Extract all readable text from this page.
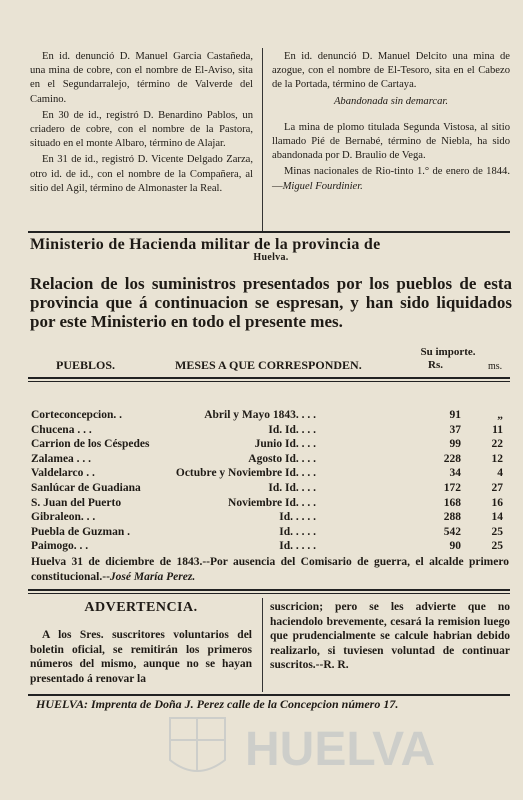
En id. denunció D. Manuel Garcia Castañeda, una mina de cobre, con el nombre de El-Aviso, sita en el Segundarralejo, término de Valverde del Camino.

En 30 de id., registró D. Benardino Pablos, un criadero de cobre, con el nombre de la Pastora, situado en el monte Albaro, término de Alajar.

En 31 de id., registró D. Vicente Delgado Zarza, otro id. de id., con el nombre de la Compañera, al sitio del Agil, término de Almonaster la Real.

En id. denunció D. Manuel Delcito una mina de azogue, con el nombre de El-Tesoro, sita en el Cabezo de la Portada, término de Cartaya.

Abandonada sin demarcar.

La mina de plomo titulada Segunda Vistosa, al sitio llamado Pié de Bernabé, término de Niebla, ha sido abandonada por D. Braulio de Vega.

Minas nacionales de Rio-tinto 1.° de enero de 1844.—Miguel Fourdinier.

Ministerio de Hacienda militar de la provincia de
Huelva.
Relacion de los suministros presentados por los pueblos de esta provincia que á continuacion se espresan, y han sido liquidados por este Ministerio en todo el presente mes.
PUEBLOS.	MESES A QUE CORRESPONDEN.
Su importe.
Rs.	ms.
Corteconcepcion. .	Abril y Mayo 1843. . . .	91	„
Chucena . . .	Id. Id. . . .	37	11
Carrion de los Céspedes	Junio Id. . . .	99	22
Zalamea . . .	Agosto Id. . . .	228	12
Valdelarco . .	Octubre y Noviembre Id. . . .	34	4
Sanlúcar de Guadiana	Id. Id. . . .	172	27
S. Juan del Puerto	Noviembre Id. . . .	168	16
Gibraleon. . .	Id. . . . .	288	14
Puebla de Guzman .	Id. . . . .	542	25
Paimogo. . .	Id. . . . .	90	25
Huelva 31 de diciembre de 1843.--Por ausencia del Comisario de guerra, el alcalde primero constitucional.--José María Perez.
ADVERTENCIA.

A los Sres. suscritores voluntarios del boletin oficial, se remitirán los primeros números del mismo, aunque no se hayan presentado á renovar la

suscricion; pero se les advierte que no haciendolo brevemente, cesará la remision luego que prudencialmente se calcule habrian debido realizarlo, si tuviesen voluntad de continuar suscritos.--R. R.
HUELVA: Imprenta de Doña J. Perez calle de la Concepcion número 17.
HUELVA
